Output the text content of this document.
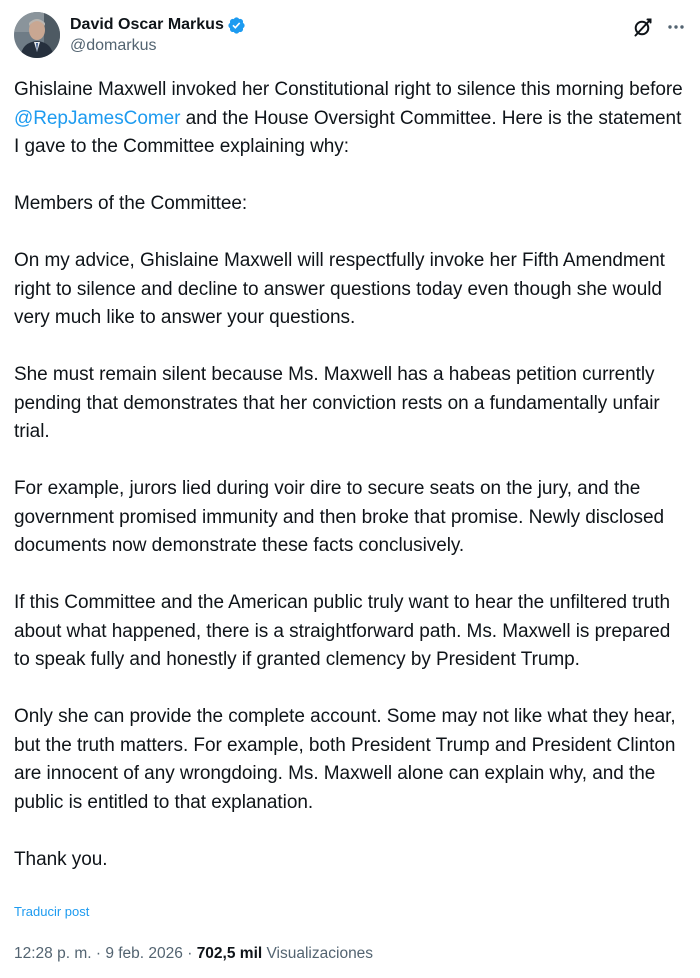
David Oscar Markus
@domarkus

Ghislaine Maxwell invoked her Constitutional right to silence this morning before @RepJamesComer and the House Oversight Committee. Here is the statement I gave to the Committee explaining why:

Members of the Committee:

On my advice, Ghislaine Maxwell will respectfully invoke her Fifth Amendment right to silence and decline to answer questions today even though she would very much like to answer your questions.

She must remain silent because Ms. Maxwell has a habeas petition currently pending that demonstrates that her conviction rests on a fundamentally unfair trial.

For example, jurors lied during voir dire to secure seats on the jury, and the government promised immunity and then broke that promise. Newly disclosed documents now demonstrate these facts conclusively.

If this Committee and the American public truly want to hear the unfiltered truth about what happened, there is a straightforward path. Ms. Maxwell is prepared to speak fully and honestly if granted clemency by President Trump.

Only she can provide the complete account. Some may not like what they hear, but the truth matters. For example, both President Trump and President Clinton are innocent of any wrongdoing. Ms. Maxwell alone can explain why, and the public is entitled to that explanation.

Thank you.

Traducir post
12:28 p. m. · 9 feb. 2026 · 702,5 mil Visualizaciones
